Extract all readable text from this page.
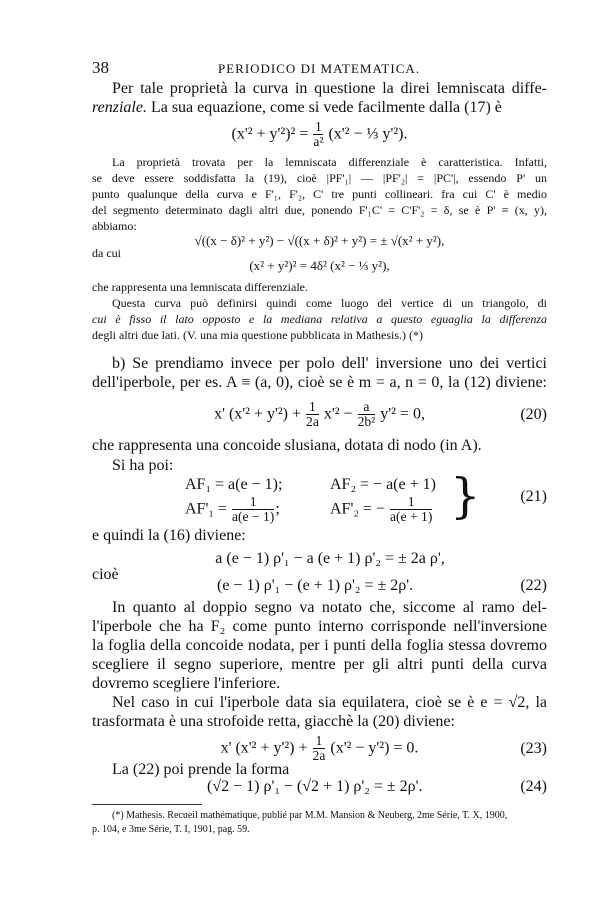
38	PERIODICO DI MATEMATICA.
Per tale proprietà la curva in questione la direi lemniscata diffe-
renziale. La sua equazione, come si vede facilmente dalla (17) è
$(x'^2 + y'^2)^2 = \frac{1}{\text{a²}} (x'^2$ − ⅓ y'²).
La proprietà trovata per la lemniscata differenziale è caratteristica. Infatti,
se deve essere soddisfatta la (19), cioè |PF'₁| — |PF'₂| = |PC'|, essendo P' un
punto qualunque della curva e F'₁, F'₂, C' tre punti collineari. fra cui C' è medio
del segmento determinato dagli altri due, ponendo F'₁C' = C'F'₂ = δ, se è P' ≡ (x, y),
abbiamo:
√((x − δ)² + y²) − √((x + δ)² + y²) = ± √(x² + y²),
da cui
(x² + y²)² = 4δ² (x² − ⅓ y²),
che rappresenta una lemniscata differenziale.
Questa curva può definirsi quindi come luogo del vertice di un triangolo, di
cui è fisso il lato opposto e la mediana relativa a questo eguaglia la differenza
degli altri due lati. (V. una mia questione pubblicata in Mathesis.) (*)
b) Se prendiamo invece per polo dell' inversione uno dei vertici
dell'iperbole, per es. A ≡ (a, 0), cioè se è m = a, n = 0, la (12) diviene:
x' $(x'^2 + y'^2) + \frac{1}{2a} x'^2 - \frac{a}{\text{2b²}} y'^2 = 0$,	(20)
che rappresenta una concoide slusiana, dotata di nodo (in A).
Si ha poi:
AF₁ = a(e − 1);	AF₂ = − a(e + 1)
$AF'_1 = \frac{1}{a(e - 1)}$ ;	AF'₂ = − $\frac{1}{a(e + 1)}$ } (21)
e quindi la (16) diviene:
a (e − 1) ρ'₁ − a (e + 1) ρ'₂ = ± 2a ρ',
cioè
(e − 1) ρ'₁ − (e + 1) ρ'₂ = ± 2ρ'.	(22)
In quanto al doppio segno va notato che, siccome al ramo del-
l'iperbole che ha F₂ come punto interno corrisponde nell'inversione
la foglia della concoide nodata, per i punti della foglia stessa dovremo
scegliere il segno superiore, mentre per gli altri punti della curva
dovremo scegliere l'inferiore.
Nel caso in cui l'iperbole data sia equilatera, cioè se è e = √2, la
trasformata è una strofoide retta, giacchè la (20) diviene:
x' $(x'^2 + y'^2) + \frac{1}{2a} (x'^2 - y'^2) = 0$.	(23)
La (22) poi prende la forma
(√2 − 1) ρ'₁ − (√2 + 1) ρ'₂ = ± 2ρ'.	(24)
(*) Mathesis. Recueil mathématique, publié par M.M. Mansion & Neuberg, 2me Série, T. X, 1900,
p. 104, e 3me Série, T. I, 1901, pag. 59.
